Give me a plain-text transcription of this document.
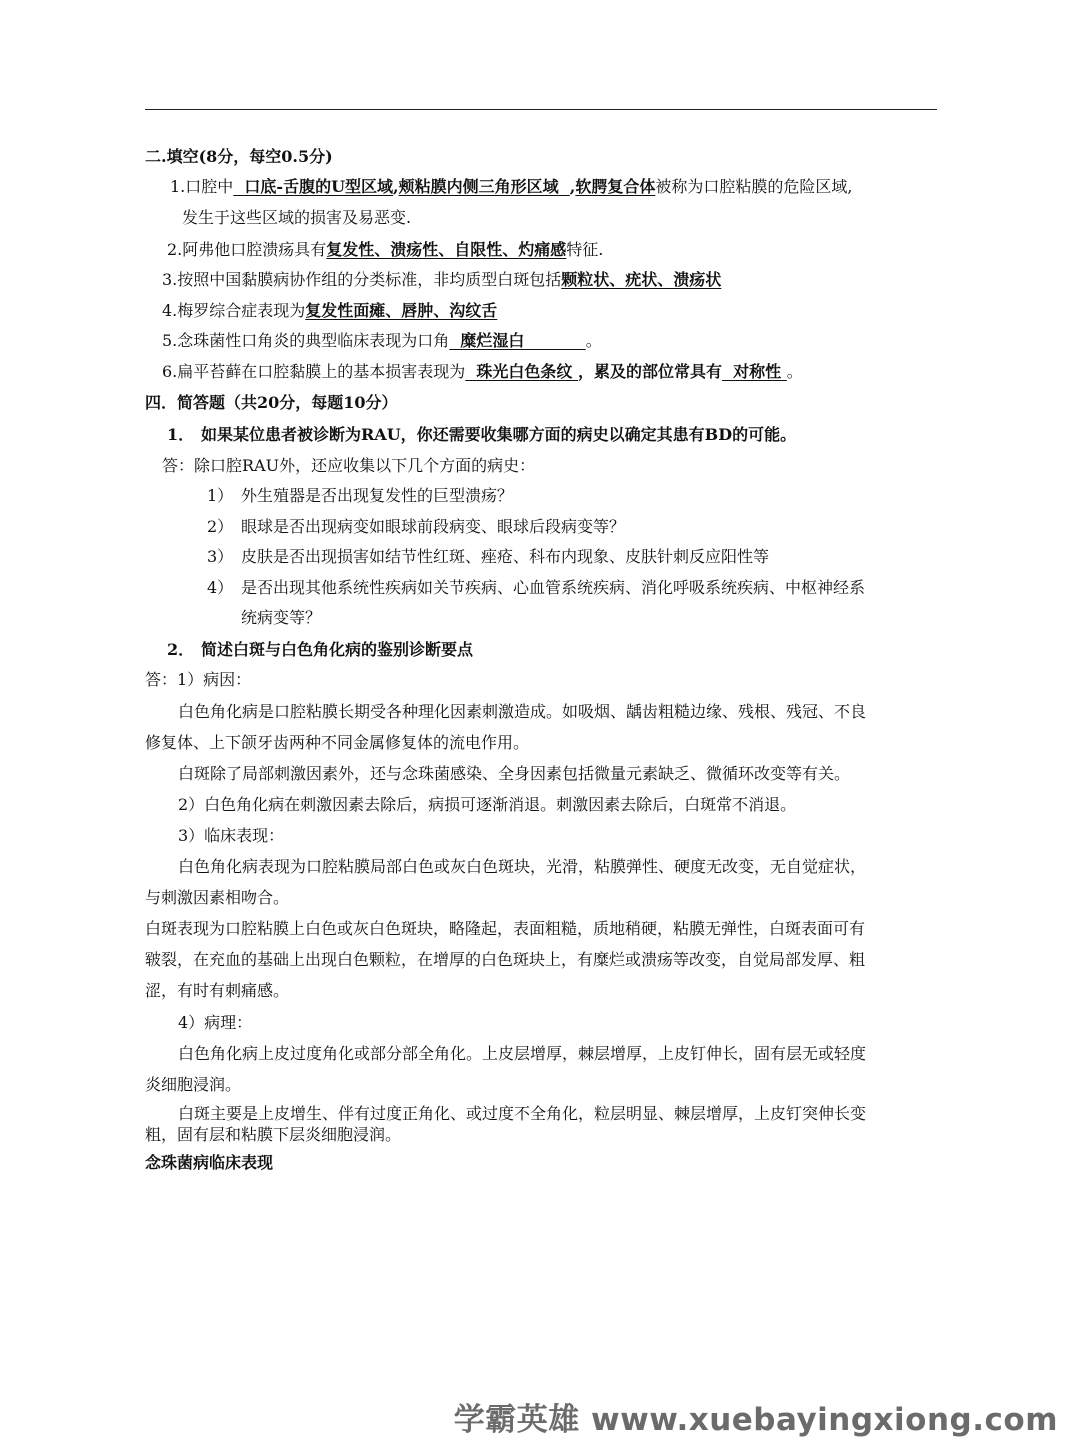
二.填空(8分，每空0.5分)
1.口腔中 口底-舌腹的U型区域,颊粘膜内侧三角形区域 ,软腭复合体被称为口腔粘膜的危险区域,
发生于这些区域的损害及易恶变.
2.阿弗他口腔溃疡具有复发性、溃疡性、自限性、灼痛感特征.
3.按照中国黏膜病协作组的分类标准，非均质型白斑包括颗粒状、疣状、溃疡状
4.梅罗综合症表现为复发性面瘫、唇肿、沟纹舌
5.念珠菌性口角炎的典型临床表现为口角 糜烂湿白	。
6.扁平苔藓在口腔黏膜上的基本损害表现为 珠光白色条纹 ，累及的部位常具有 对称性 。
四．简答题（共20分，每题10分）
1． 如果某位患者被诊断为RAU，你还需要收集哪方面的病史以确定其患有BD的可能。
答：除口腔RAU外，还应收集以下几个方面的病史：
1） 外生殖器是否出现复发性的巨型溃疡？
2） 眼球是否出现病变如眼球前段病变、眼球后段病变等？
3） 皮肤是否出现损害如结节性红斑、痤疮、科布内现象、皮肤针刺反应阳性等
4） 是否出现其他系统性疾病如关节疾病、心血管系统疾病、消化呼吸系统疾病、中枢神经系
统病变等？
2． 简述白斑与白色角化病的鉴别诊断要点
答：1）病因：
白色角化病是口腔粘膜长期受各种理化因素刺激造成。如吸烟、龋齿粗糙边缘、残根、残冠、不良
修复体、上下颌牙齿两种不同金属修复体的流电作用。
白斑除了局部刺激因素外，还与念珠菌感染、全身因素包括微量元素缺乏、微循环改变等有关。
2）白色角化病在刺激因素去除后，病损可逐渐消退。刺激因素去除后，白斑常不消退。
3）临床表现：
白色角化病表现为口腔粘膜局部白色或灰白色斑块，光滑，粘膜弹性、硬度无改变，无自觉症状，
与刺激因素相吻合。
白斑表现为口腔粘膜上白色或灰白色斑块，略隆起，表面粗糙，质地稍硬，粘膜无弹性，白斑表面可有
皲裂，在充血的基础上出现白色颗粒，在增厚的白色斑块上，有糜烂或溃疡等改变，自觉局部发厚、粗
涩，有时有刺痛感。
4）病理：
白色角化病上皮过度角化或部分部全角化。上皮层增厚，棘层增厚，上皮钉伸长，固有层无或轻度
炎细胞浸润。
白斑主要是上皮增生、伴有过度正角化、或过度不全角化，粒层明显、棘层增厚，上皮钉突伸长变
粗，固有层和粘膜下层炎细胞浸润。
念珠菌病临床表现
学霸英雄 www.xuebayingxiong.com
